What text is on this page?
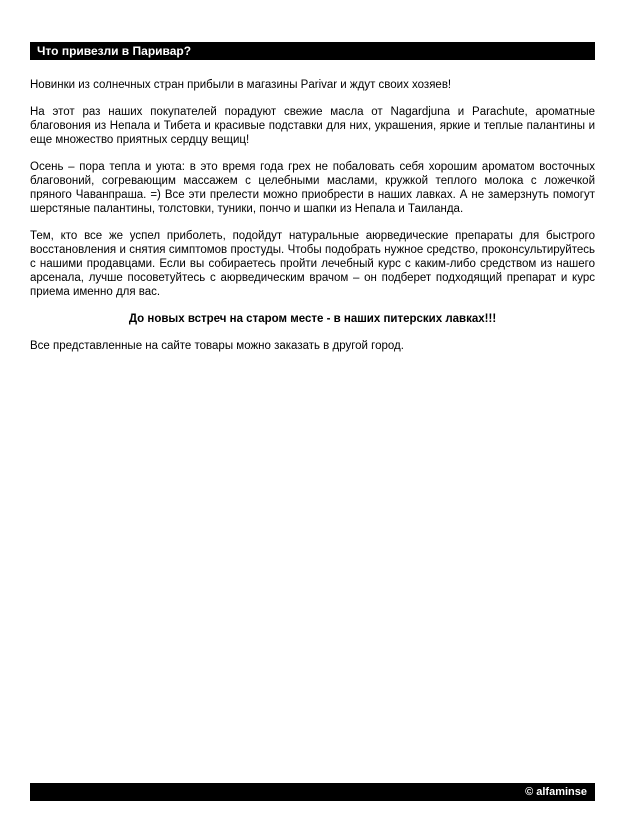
Что привезли в Паривар?

Новинки из солнечных стран прибыли в магазины Parivar и ждут своих хозяев!

На этот раз наших покупателей порадуют свежие масла от Nagardjuna и Parachute, ароматные благовония из Непала и Тибета и красивые подставки для них, украшения, яркие и теплые палантины и еще множество приятных сердцу вещиц!

Осень – пора тепла и уюта: в это время года грех не побаловать себя хорошим ароматом восточных благовоний, согревающим массажем с целебными маслами, кружкой теплого молока с ложечкой пряного Чаванпраша. =) Все эти прелести можно приобрести в наших лавках. А не замерзнуть помогут шерстяные палантины, толстовки, туники, пончо и шапки из Непала и Таиланда.

Тем, кто все же успел приболеть, подойдут натуральные аюрведические препараты для быстрого восстановления и снятия симптомов простуды. Чтобы подобрать нужное средство, проконсультируйтесь с нашими продавцами. Если вы собираетесь пройти лечебный курс с каким-либо средством из нашего арсенала, лучше посоветуйтесь с аюрведическим врачом – он подберет подходящий препарат и курс приема именно для вас.

До новых встреч на старом месте - в наших питерских лавках!!!

Все представленные на сайте товары можно заказать в другой город.

© alfaminse
